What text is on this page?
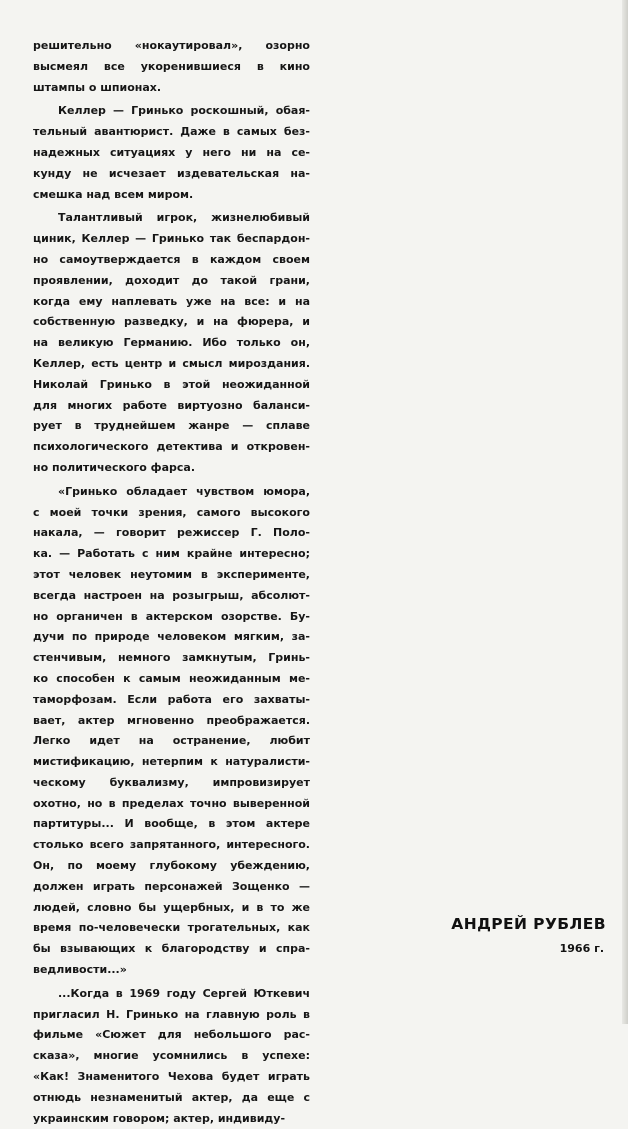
решительно «нокаутировал», озорно
высмеял все укоренившиеся в кино
штампы о шпионах.
Келлер — Гринько роскошный, обая-
тельный авантюрист. Даже в самых без-
надежных ситуациях у него ни на се-
кунду не исчезает издевательская на-
смешка над всем миром.
Талантливый игрок, жизнелюбивый
циник, Келлер — Гринько так беспардон-
но самоутверждается в каждом своем
проявлении, доходит до такой грани,
когда ему наплевать уже на все: и на
собственную разведку, и на фюрера, и
на великую Германию. Ибо только он,
Келлер, есть центр и смысл мироздания.
Николай Гринько в этой неожиданной
для многих работе виртуозно баланси-
рует в труднейшем жанре — сплаве
психологического детектива и откровен-
но политического фарса.
«Гринько обладает чувством юмора,
с моей точки зрения, самого высокого
накала, — говорит режиссер Г. Поло-
ка. — Работать с ним крайне интересно;
этот человек неутомим в эксперименте,
всегда настроен на розыгрыш, абсолют-
но органичен в актерском озорстве. Бу-
дучи по природе человеком мягким, за-
стенчивым, немного замкнутым, Гринь-
ко способен к самым неожиданным ме-
таморфозам. Если работа его захваты-
вает, актер мгновенно преображается.
Легко идет на остранение, любит
мистификацию, нетерпим к натуралисти-
ческому буквализму, импровизирует
охотно, но в пределах точно выверенной
партитуры... И вообще, в этом актере
столько всего запрятанного, интересного.
Он, по моему глубокому убеждению,
должен играть персонажей Зощенко —
людей, словно бы ущербных, и в то же
время по-человечески трогательных, как
бы взывающих к благородству и спра-
ведливости...»
...Когда в 1969 году Сергей Юткевич
пригласил Н. Гринько на главную роль в
фильме «Сюжет для небольшого рас-
сказа», многие усомнились в успехе:
«Как! Знаменитого Чехова будет играть
отнюдь незнаменитый актер, да еще с
украинским говором; актер, индивиду-
АНДРЕЙ РУБЛЕВ
1966 г.
